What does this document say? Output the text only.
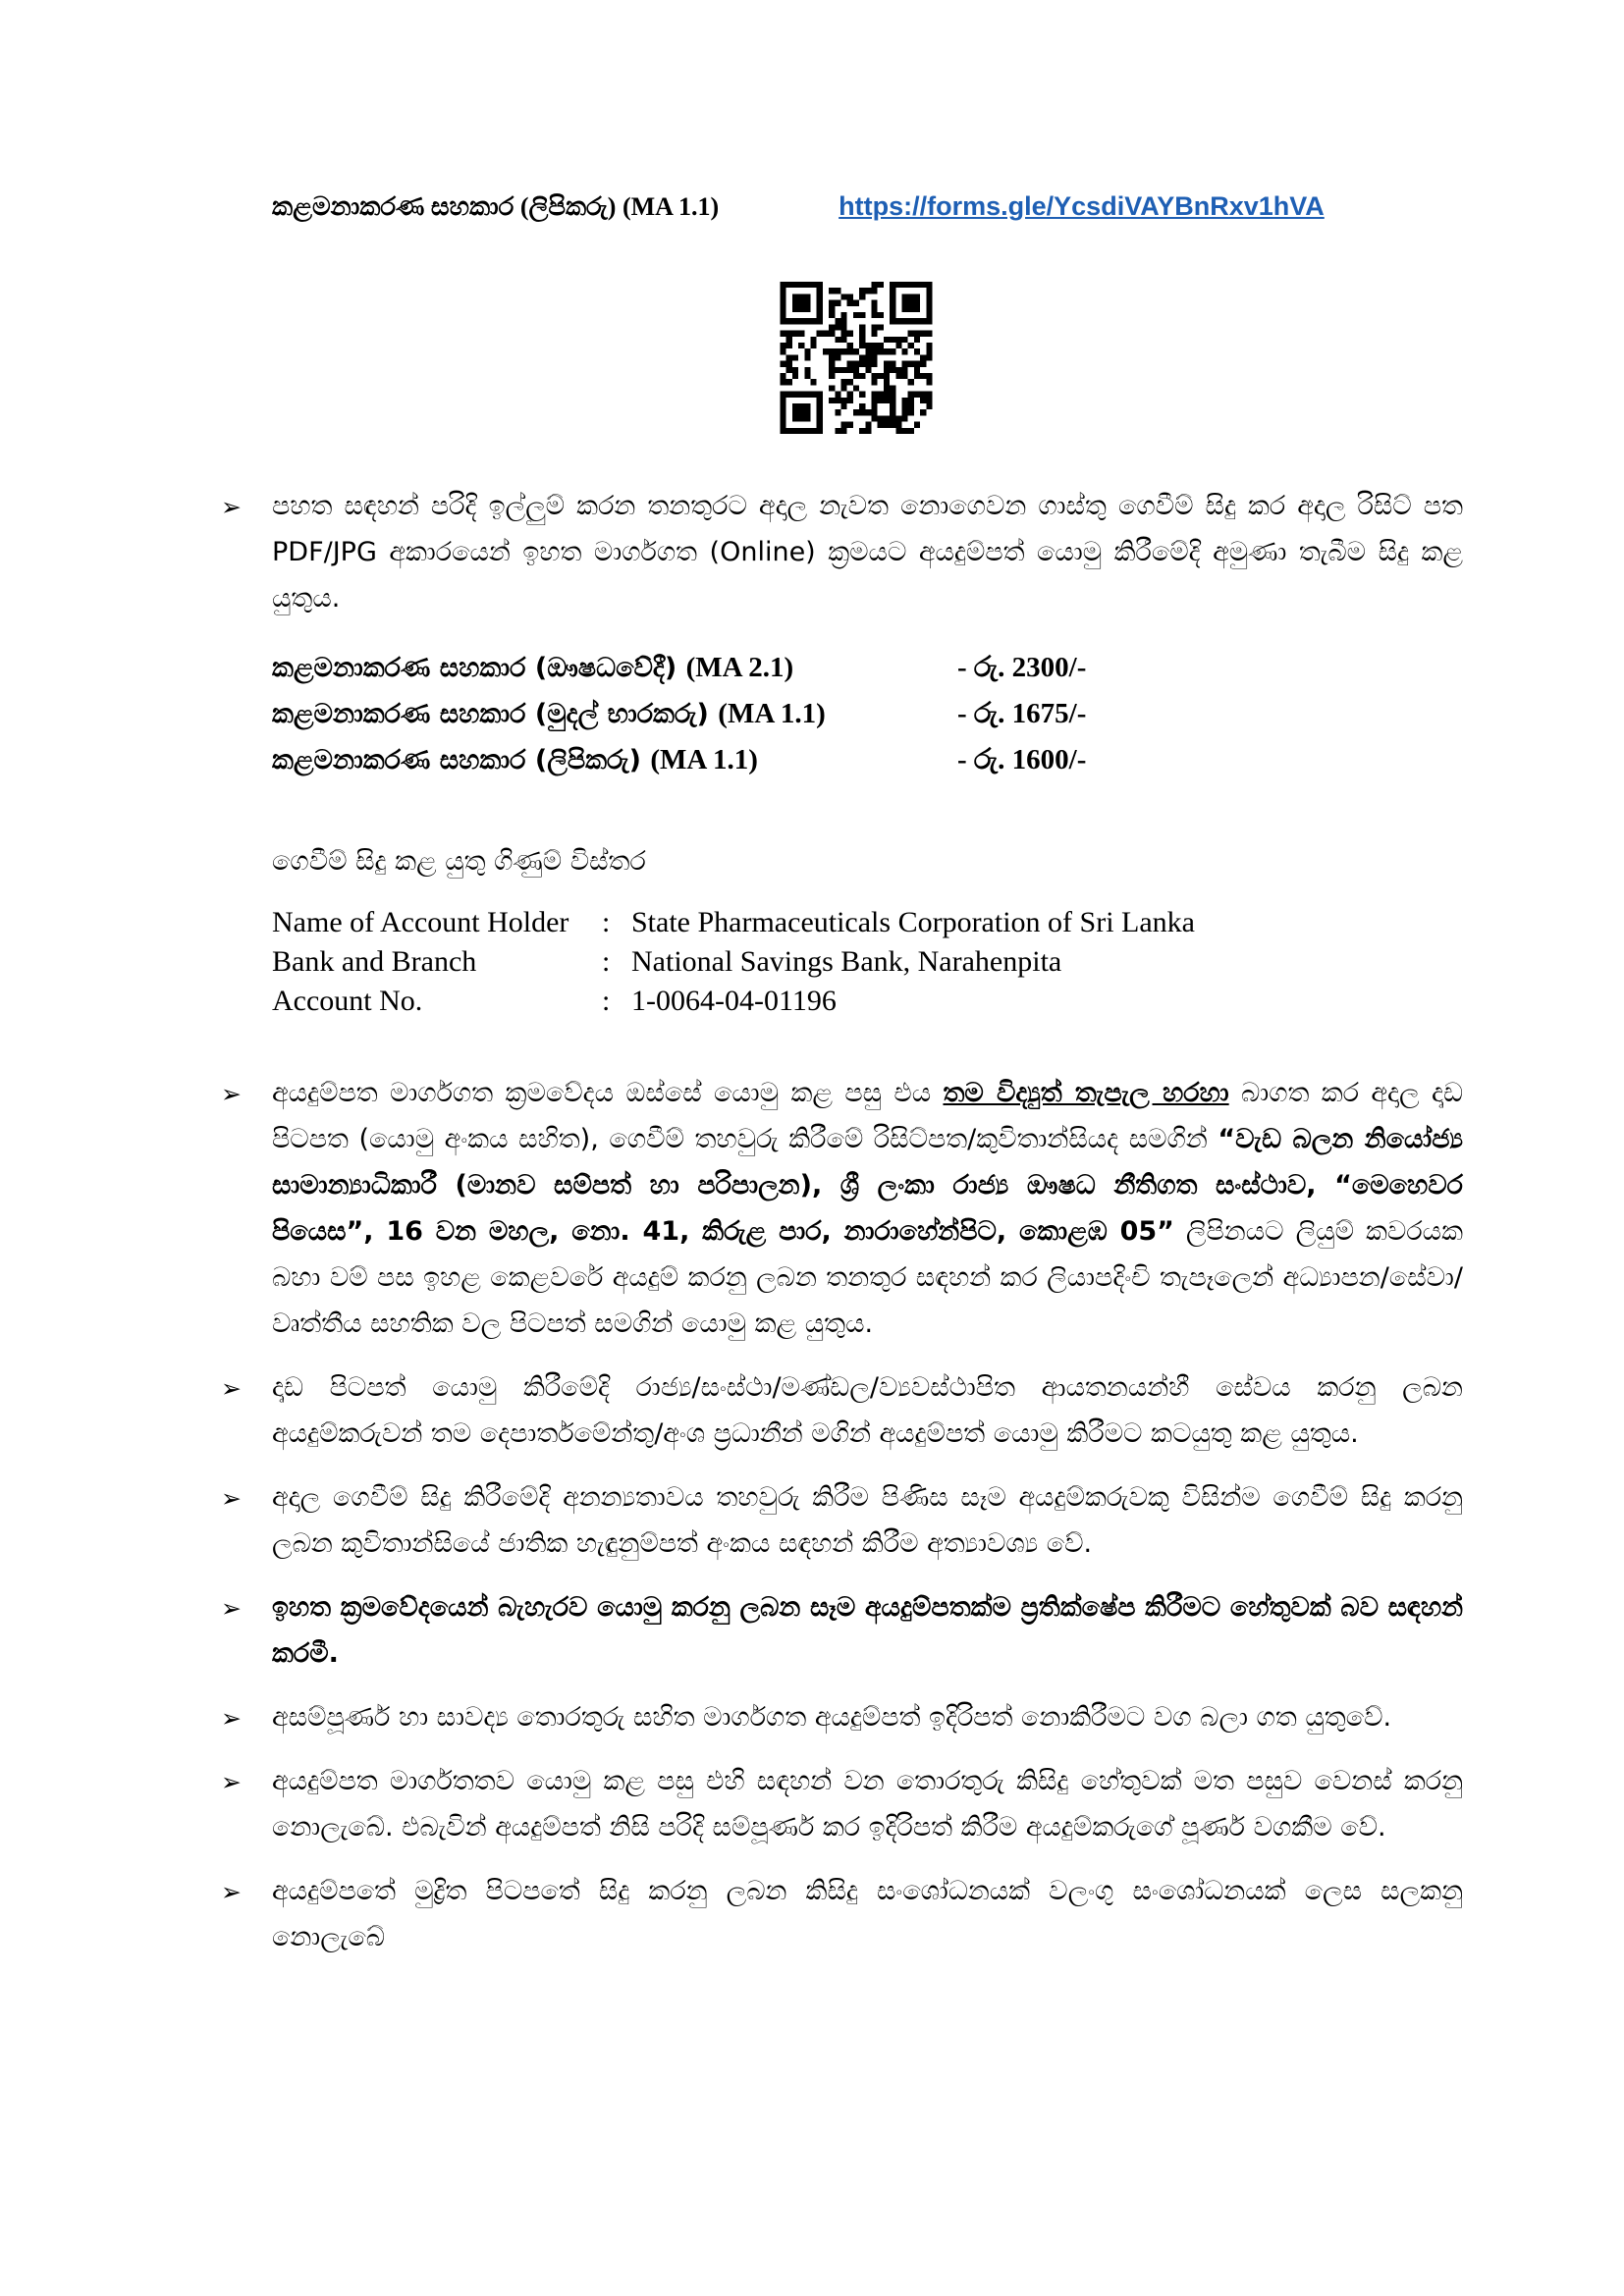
කළමනාකරණ සහකාර (ලිපිකරු) (MA 1.1)	https://forms.gle/YcsdiVAYBnRxv1hVA
➢ පහත සඳහන් පරිදි ඉල්ලුම් කරන තනතුරට අදාල නැවත නොගෙවන ගාස්තු ගෙවීම් සිදු කර අදාල රිසිට් පත PDF/JPG අකාරයෙන් ඉහත මාර්ගගත (Online) ක්‍රමයට අයදුම්පත් යොමු කිරීමේදි අමුණා තැබීම සිදු කළ යුතුය.
කළමනාකරණ සහකාර (ඖෂධවේදී) (MA 2.1)	- රු. 2300/-
කළමනාකරණ සහකාර (මුදල් භාරකරු) (MA 1.1)	- රු. 1675/-
කළමනාකරණ සහකාර (ලිපිකරු) (MA 1.1)	- රු. 1600/-
ගෙවීම් සිදු කළ යුතු ගිණුම් විස්තර
Name of Account Holder	: State Pharmaceuticals Corporation of Sri Lanka
Bank and Branch	: National Savings Bank, Narahenpita
Account No.	: 1-0064-04-01196
➢ අයදුම්පත මාර්ගගත ක්‍රමවේදය ඔස්සේ යොමු කළ පසු එය තම විද්‍යුත් තැපැල හරහා බාගත කර අදාල දෘඩ පිටපත (යොමු අංකය සහිත), ගෙවීම් තහවුරු කිරීමේ රිසිට්පත/කුවිතාන්සියද සමගින් “වැඩ බලන නියෝජ්‍ය සාමාන්‍යාධිකාරී (මානව සම්පත් හා පරිපාලන), ශ්‍රී ලංකා රාජ්‍ය ඖෂධ නීතිගත සංස්ථාව, “මෙහෙවර පියෙස”, 16 වන මහල, නො. 41, කිරුළ පාර, නාරාහේන්පිට, කොළඹ 05” ලිපිනයට ලියුම් කවරයක බහා වම් පස ඉහළ කෙළවරේ අයදුම් කරනු ලබන තනතුර සඳහන් කර ලියාපදිංචි තැපෑලෙන් අධ්‍යාපන/සේවා/වෘත්තීය සහතික වල පිටපත් සමගින් යොමු කළ යුතුය.
➢ දෘඩ පිටපත් යොමු කිරීමේදි රාජ්‍ය/සංස්ථා/මණ්ඩල/ව්‍යවස්ථාපිත ආයතනයන්හී සේවය කරනු ලබන අයදුම්කරුවන් තම දෙපාර්තමේන්තු/අංශ ප්‍රධානීන් මගින් අයදුම්පත් යොමු කිරීමට කටයුතු කළ යුතුය.
➢ අදාල ගෙවීම් සිදු කිරීමේදි අනන්‍යතාවය තහවුරු කිරීම පිණිස සෑම අයදුම්කරුවකු විසින්ම ගෙවීම් සිදු කරනු ලබන කුවිතාන්සියේ ජාතික හැඳුනුම්පත් අංකය සඳහන් කිරීම අත්‍යාවශ්‍ය වේ.
➢ ඉහත ක්‍රමවේදයෙන් බැහැරව යොමු කරනු ලබන සෑම අයදුම්පතක්ම ප්‍රතික්ෂේප කිරීමට හේතුවක් බව සඳහන් කරමී.
➢ අසම්පූර්ණ හා සාවද්‍ය තොරතුරු සහිත මාර්ගගත අයදුම්පත් ඉදිරිපත් නොකිරීමට වග බලා ගත යුතුවේ.
➢ අයදුම්පත මාර්ගතතව යොමු කළ පසු එහි සඳහන් වන තොරතුරු කිසිදු හේතුවක් මත පසුව වෙනස් කරනු නොලැබේ. එබැවින් අයදුම්පත් නිසි පරිදි සම්පූර්ණ කර ඉදිරිපත් කිරීම අයදුම්කරුගේ පූර්ණ වගකීම වේ.
➢ අයදුම්පතේ මුද්‍රිත පිටපතේ සිදු කරනු ලබන කිසිදු සංශෝධනයක් වලංගු සංශෝධනයක් ලෙස සලකනු නොලැබේ
